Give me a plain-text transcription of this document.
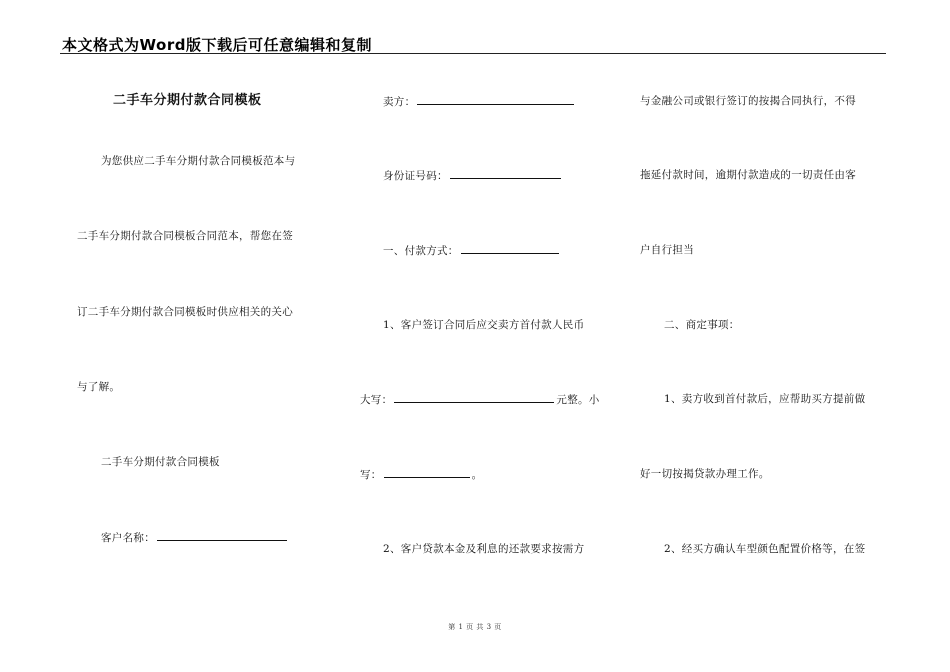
本文格式为Word版下载后可任意编辑和复制
二手车分期付款合同模板
为您供应二手车分期付款合同模板范本与
二手车分期付款合同模板合同范本，帮您在签
订二手车分期付款合同模板时供应相关的关心
与了解。
二手车分期付款合同模板
客户名称：
卖方：
身份证号码：
一、付款方式：
1、客户签订合同后应交卖方首付款人民币
大写：	元整。小
写：	。
2、客户贷款本金及利息的还款要求按需方
与金融公司或银行签订的按揭合同执行，不得
拖延付款时间，逾期付款造成的一切责任由客
户自行担当
二、商定事项：
1、卖方收到首付款后，应帮助买方提前做
好一切按揭贷款办理工作。
2、经买方确认车型颜色配置价格等，在签
第 1 页 共 3 页
